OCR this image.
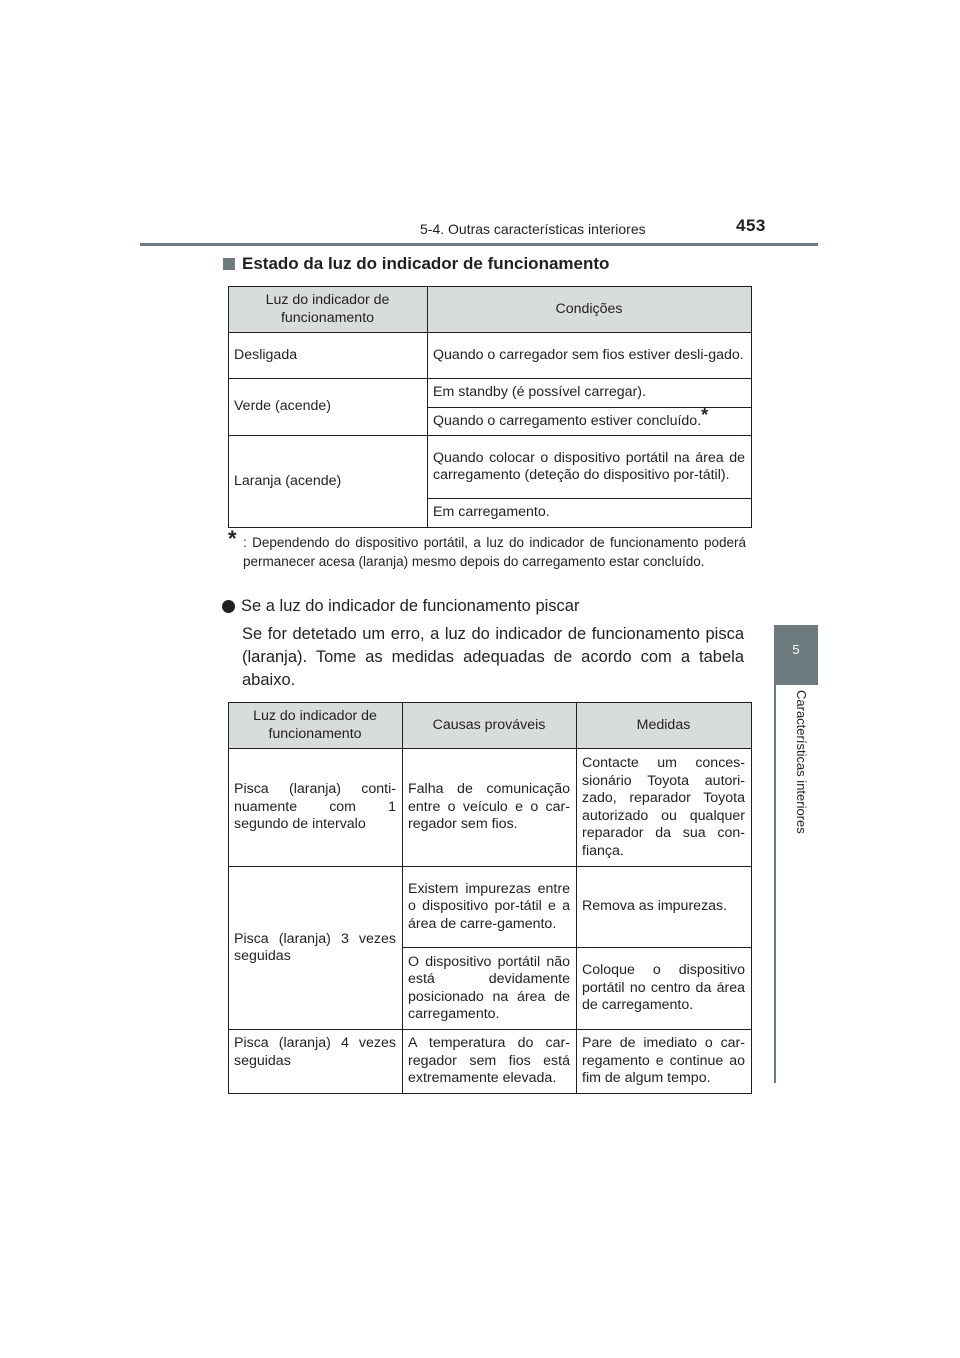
5-4. Outras características interiores	453
5
Características interiores
Estado da luz do indicador de funcionamento
Luz do indicador de funcionamento	Condições
Desligada	Quando o carregador sem fios estiver desli-gado.
Verde (acende)	Em standby (é possível carregar).
	Quando o carregamento estiver concluído.*
Laranja (acende)	Quando colocar o dispositivo portátil na área de carregamento (deteção do dispositivo por-tátil).
	Em carregamento.
* : Dependendo do dispositivo portátil, a luz do indicador de funcionamento poderá permanecer acesa (laranja) mesmo depois do carregamento estar concluído.

Se a luz do indicador de funcionamento piscar
Se for detetado um erro, a luz do indicador de funcionamento pisca (laranja). Tome as medidas adequadas de acordo com a tabela abaixo.
Luz do indicador de funcionamento	Causas prováveis	Medidas
Pisca (laranja) conti-nuamente com 1 segundo de intervalo	Falha de comunicação entre o veículo e o car-regador sem fios.	Contacte um conces-sionário Toyota autori-zado, reparador Toyota autorizado ou qualquer reparador da sua con-fiança.
Pisca (laranja) 3 vezes seguidas	Existem impurezas entre o dispositivo por-tátil e a área de carre-gamento.	Remova as impurezas.
	O dispositivo portátil não está devidamente posicionado na área de carregamento.	Coloque o dispositivo portátil no centro da área de carregamento.
Pisca (laranja) 4 vezes seguidas	A temperatura do car-regador sem fios está extremamente elevada.	Pare de imediato o car-regamento e continue ao fim de algum tempo.
